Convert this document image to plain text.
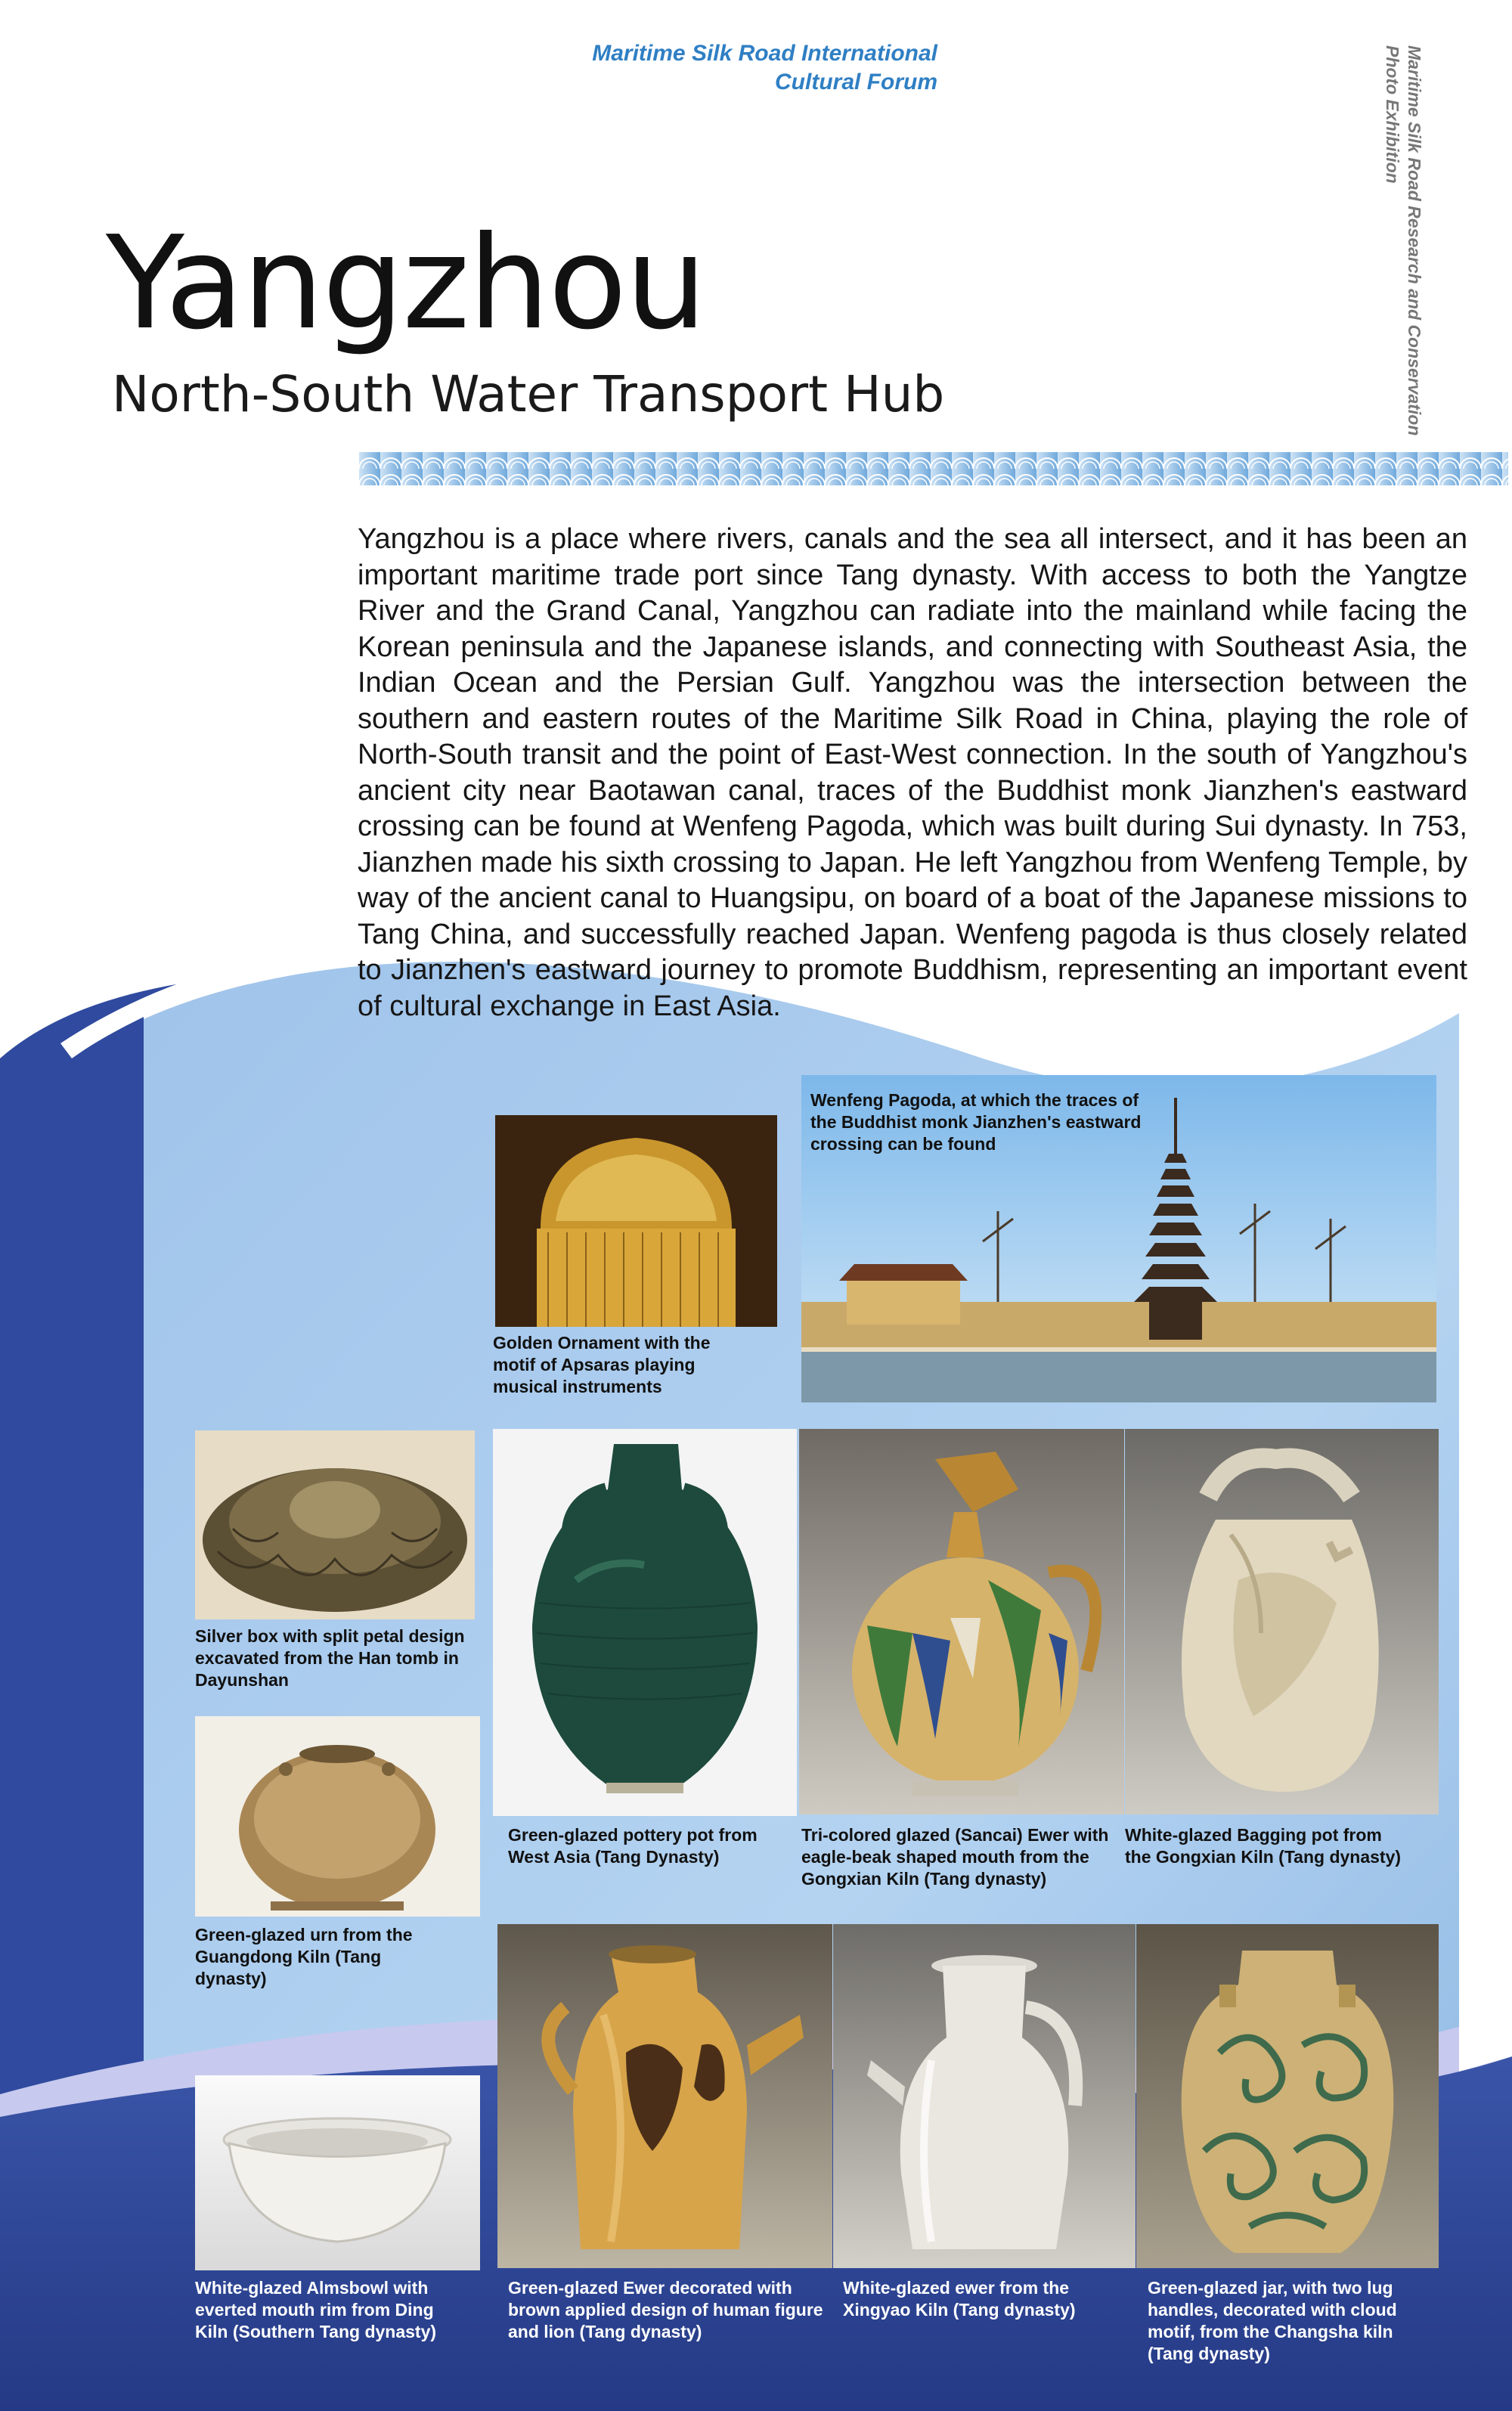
Maritime Silk Road International
Cultural Forum	Maritime Silk Road Research and Conservation Photo Exhibition
Yangzhou
North-South Water Transport Hub
Yangzhou is a place where rivers, canals and the sea all intersect, and it has been an important maritime trade port since Tang dynasty. With access to both the Yangtze River and the Grand Canal, Yangzhou can radiate into the mainland while facing the Korean peninsula and the Japanese islands, and connecting with Southeast Asia, the Indian Ocean and the Persian Gulf. Yangzhou was the intersection between the southern and eastern routes of the Maritime Silk Road in China, playing the role of North-South transit and the point of East-West connection. In the south of Yangzhou's ancient city near Baotawan canal, traces of the Buddhist monk Jianzhen's eastward crossing can be found at Wenfeng Pagoda, which was built during Sui dynasty. In 753, Jianzhen made his sixth crossing to Japan. He left Yangzhou from Wenfeng Temple, by way of the ancient canal to Huangsipu, on board of a boat of the Japanese missions to Tang China, and successfully reached Japan. Wenfeng pagoda is thus closely related to Jianzhen's eastward journey to promote Buddhism, representing an important event of cultural exchange in East Asia.
Golden Ornament with the motif of Apsaras playing musical instruments
Wenfeng Pagoda, at which the traces of the Buddhist monk Jianzhen's eastward crossing can be found
Silver box with split petal design excavated from the Han tomb in Dayunshan
Green-glazed urn from the Guangdong Kiln (Tang dynasty)
Green-glazed pottery pot from West Asia (Tang Dynasty)
Tri-colored glazed (Sancai) Ewer with eagle-beak shaped mouth from the Gongxian Kiln (Tang dynasty)
White-glazed Bagging pot from the Gongxian Kiln (Tang dynasty)
White-glazed Almsbowl with everted mouth rim from Ding Kiln (Southern Tang dynasty)
Green-glazed Ewer decorated with brown applied design of human figure and lion (Tang dynasty)
White-glazed ewer from the Xingyao Kiln (Tang dynasty)
Green-glazed jar, with two lug handles, decorated with cloud motif, from the Changsha kiln (Tang dynasty)
